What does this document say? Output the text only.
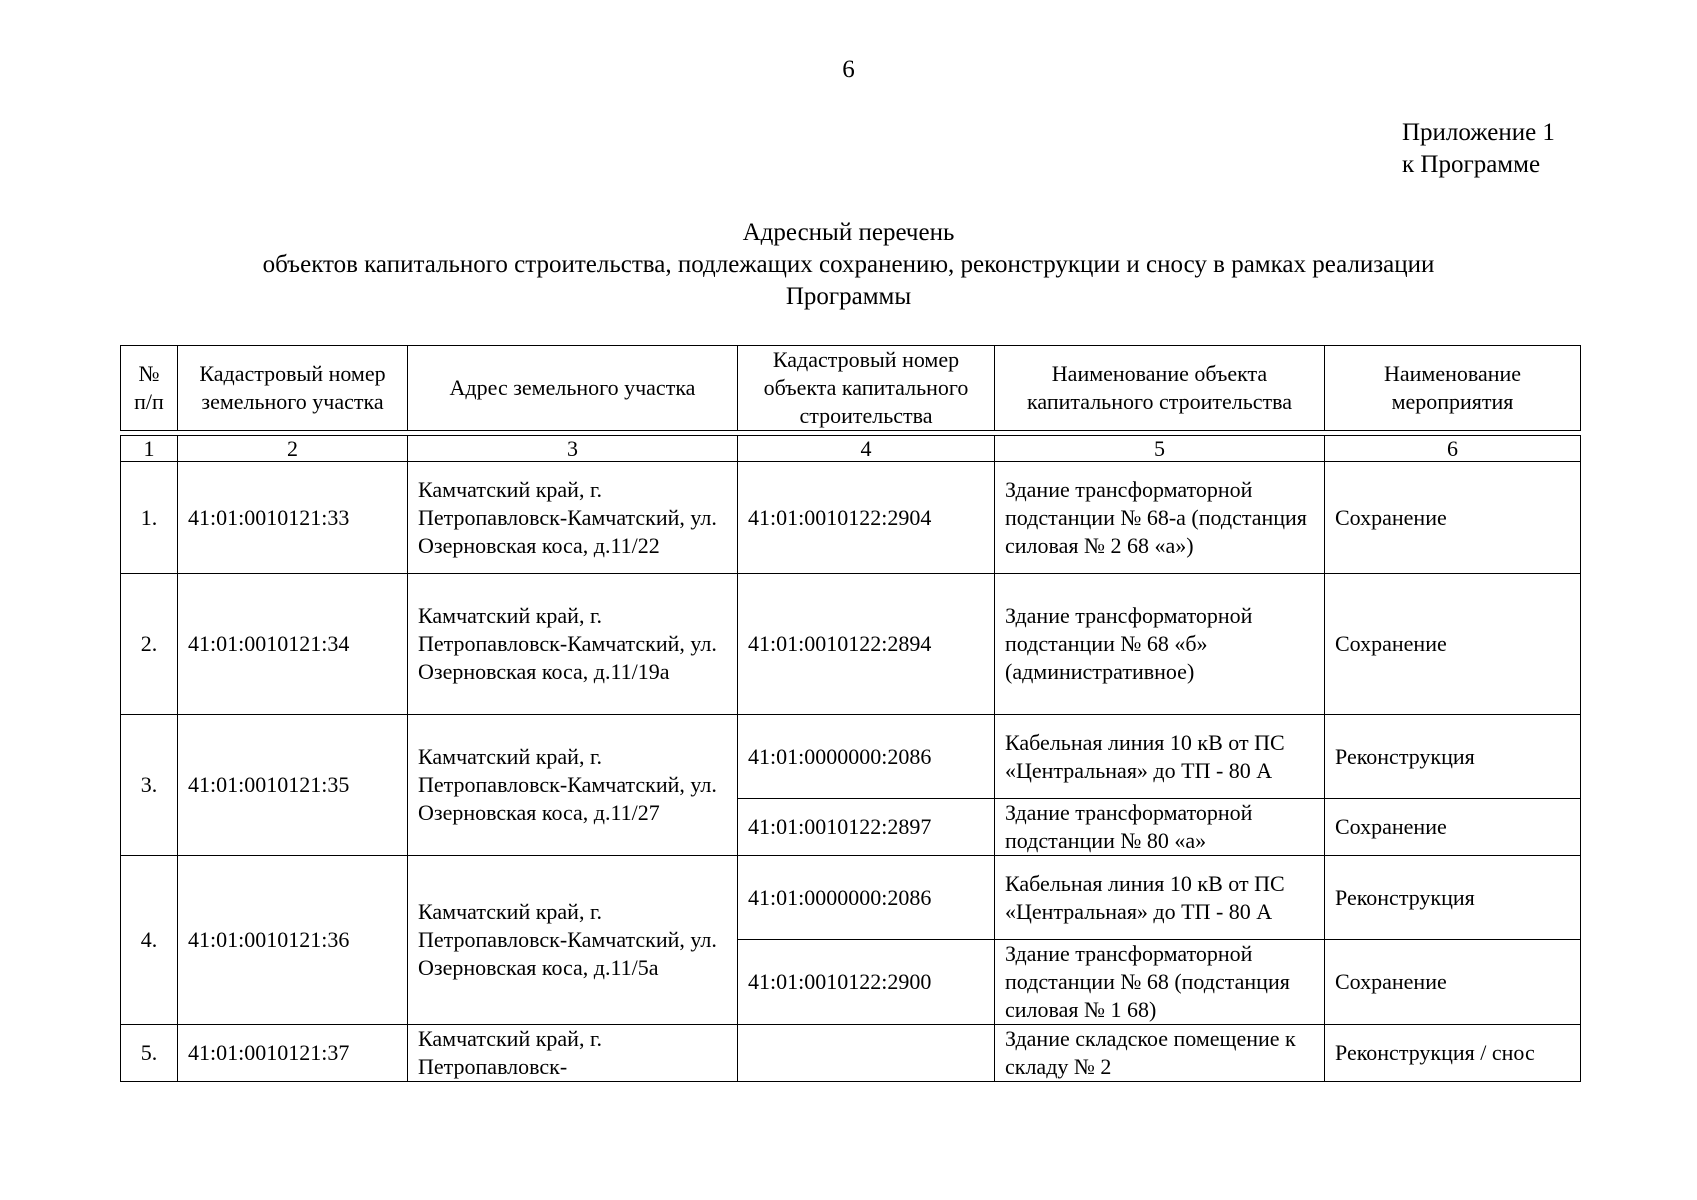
6
Приложение 1
к Программе
Адресный перечень
объектов капитального строительства, подлежащих сохранению, реконструкции и сносу в рамках реализации
Программы
№ п/п	Кадастровый номер земельного участка	Адрес земельного участка	Кадастровый номер объекта капитального строительства	Наименование объекта капитального строительства	Наименование мероприятия

1	2	3	4	5	6
1.	41:01:0010121:33	Камчатский край, г. Петропавловск-Камчатский, ул. Озерновская коса, д.11/22	41:01:0010122:2904	Здание трансформаторной подстанции № 68-а (подстанция силовая № 2 68 «а»)	Сохранение
2.	41:01:0010121:34	Камчатский край, г. Петропавловск-Камчатский, ул. Озерновская коса, д.11/19а	41:01:0010122:2894	Здание трансформаторной подстанции № 68 «б» (административное)	Сохранение
3.	41:01:0010121:35	Камчатский край, г. Петропавловск-Камчатский, ул. Озерновская коса, д.11/27	41:01:0000000:2086	Кабельная линия 10 кВ от ПС «Центральная» до ТП - 80 А	Реконструкция
			41:01:0010122:2897	Здание трансформаторной подстанции № 80 «а»	Сохранение
4.	41:01:0010121:36	Камчатский край, г. Петропавловск-Камчатский, ул. Озерновская коса, д.11/5а	41:01:0000000:2086	Кабельная линия 10 кВ от ПС «Центральная» до ТП - 80 А	Реконструкция
			41:01:0010122:2900	Здание трансформаторной подстанции № 68 (подстанция силовая № 1 68)	Сохранение
5.	41:01:0010121:37	Камчатский край, г. Петропавловск-		Здание складское помещение к складу № 2	Реконструкция / снос
